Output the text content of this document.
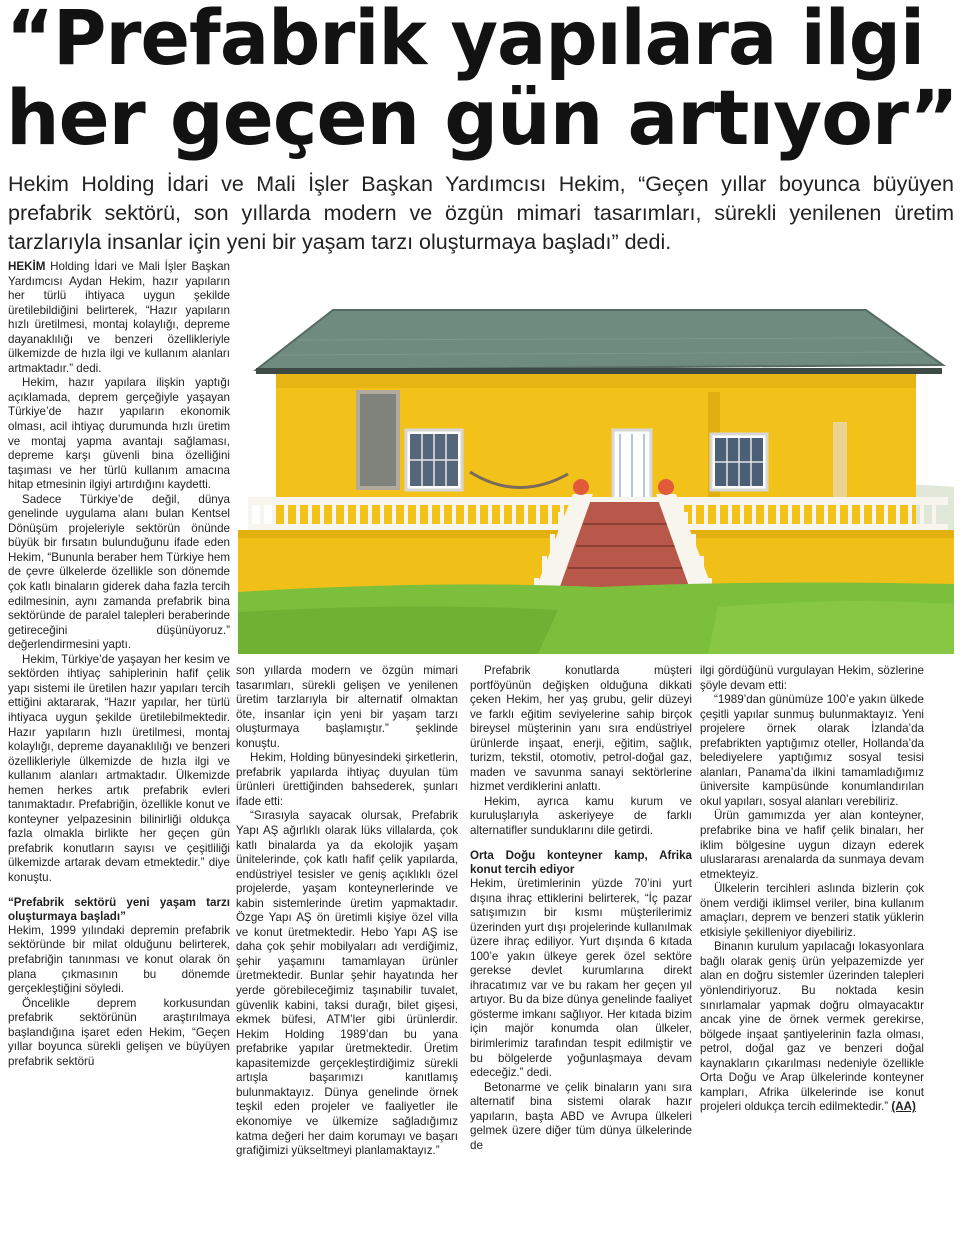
“Prefabrik yapılara ilgi
her geçen gün artıyor”
Hekim Holding İdari ve Mali İşler Başkan Yardımcısı Hekim, “Geçen yıllar boyunca büyüyen prefabrik sektörü, son yıllarda modern ve özgün mimari tasarımları, sürekli yenilenen üretim tarzlarıyla insanlar için yeni bir yaşam tarzı oluşturmaya başladı” dedi.

HEKİM Holding İdari ve Mali İşler Başkan Yardımcısı Aydan Hekim, hazır yapıların her türlü ihtiyaca uygun şekilde üretilebildiğini belirterek, “Hazır yapıların hızlı üretilmesi, montaj kolaylığı, depreme dayanaklılığı ve benzeri özellikleriyle ülkemizde de hızla ilgi ve kullanım alanları artmaktadır.” dedi.

Hekim, hazır yapılara ilişkin yaptığı açıklamada, deprem gerçeğiyle yaşayan Türkiye’de hazır yapıların ekonomik olması, acil ihtiyaç durumunda hızlı üretim ve montaj yapma avantajı sağlaması, depreme karşı güvenli bina özelliğini taşıması ve her türlü kullanım amacına hitap etmesinin ilgiyi artırdığını kaydetti.

Sadece Türkiye’de değil, dünya genelinde uygulama alanı bulan Kentsel Dönüşüm projeleriyle sektörün önünde büyük bir fırsatın bulunduğunu ifade eden Hekim, “Bununla beraber hem Türkiye hem de çevre ülkelerde özellikle son dönemde çok katlı binaların giderek daha fazla tercih edilmesinin, aynı zamanda prefabrik bina sektöründe de paralel talepleri beraberinde getireceğini düşünüyoruz.” değerlendirmesini yaptı.

Hekim, Türkiye’de yaşayan her kesim ve sektörden ihtiyaç sahiplerinin hafif çelik yapı sistemi ile üretilen hazır yapıları tercih ettiğini aktararak, “Hazır yapılar, her türlü ihtiyaca uygun şekilde üretilebilmektedir. Hazır yapıların hızlı üretilmesi, montaj kolaylığı, depreme dayanaklılığı ve benzeri özellikleriyle ülkemizde de hızla ilgi ve kullanım alanları artmaktadır. Ülkemizde hemen herkes artık prefabrik evleri tanımaktadır. Prefabriğin, özellikle konut ve konteyner yelpazesinin bilinirliği oldukça fazla olmakla birlikte her geçen gün prefabrik konutların sayısı ve çeşitliliği ülkemizde artarak devam etmektedir.” diye konuştu.

“Prefabrik sektörü yeni yaşam tarzı oluşturmaya başladı”

Hekim, 1999 yılındaki depremin prefabrik sektöründe bir milat olduğunu belirterek, prefabriğin tanınması ve konut olarak ön plana çıkmasının bu dönemde gerçekleştiğini söyledi.

Öncelikle deprem korkusundan prefabrik sektörünün araştırılmaya başlandığına işaret eden Hekim, “Geçen yıllar boyunca sürekli gelişen ve büyüyen prefabrik sektörü

son yıllarda modern ve özgün mimari tasarımları, sürekli gelişen ve yenilenen üretim tarzlarıyla bir alternatif olmaktan öte, insanlar için yeni bir yaşam tarzı oluşturmaya başlamıştır.” şeklinde konuştu.

Hekim, Holding bünyesindeki şirketlerin, prefabrik yapılarda ihtiyaç duyulan tüm ürünleri ürettiğinden bahsederek, şunları ifade etti:

“Sırasıyla sayacak olursak, Prefabrik Yapı AŞ ağırlıklı olarak lüks villalarda, çok katlı binalarda ya da ekolojik yaşam ünitelerinde, çok katlı hafif çelik yapılarda, endüstriyel tesisler ve geniş açıklıklı özel projelerde, yaşam konteynerlerinde ve kabin sistemlerinde üretim yapmaktadır. Özge Yapı AŞ ön üretimli kişiye özel villa ve konut üretmektedir. Hebo Yapı AŞ ise daha çok şehir mobilyaları adı verdiğimiz, şehir yaşamını tamamlayan ürünler üretmektedir. Bunlar şehir hayatında her yerde görebileceğimiz taşınabilir tuvalet, güvenlik kabini, taksi durağı, bilet gişesi, ekmek büfesi, ATM’ler gibi ürünlerdir. Hekim Holding 1989’dan bu yana prefabrike yapılar üretmektedir. Üretim kapasitemizde gerçekleştirdiğimiz sürekli artışla başarımızı kanıtlamış bulunmaktayız. Dünya genelinde örnek teşkil eden projeler ve faaliyetler ile ekonomiye ve ülkemize sağladığımız katma değeri her daim korumayı ve başarı grafiğimizi yükseltmeyi planlamaktayız.”

Prefabrik konutlarda müşteri portföyünün değişken olduğuna dikkati çeken Hekim, her yaş grubu, gelir düzeyi ve farklı eğitim seviyelerine sahip birçok bireysel müşterinin yanı sıra endüstriyel ürünlerde inşaat, enerji, eğitim, sağlık, turizm, tekstil, otomotiv, petrol-doğal gaz, maden ve savunma sanayi sektörlerine hizmet verdiklerini anlattı.

Hekim, ayrıca kamu kurum ve kuruluşlarıyla askeriyeye de farklı alternatifler sunduklarını dile getirdi.

Orta Doğu konteyner kamp, Afrika konut tercih ediyor

Hekim, üretimlerinin yüzde 70’ini yurt dışına ihraç ettiklerini belirterek, “İç pazar satışımızın bir kısmı müşterilerimiz üzerinden yurt dışı projelerinde kullanılmak üzere ihraç ediliyor. Yurt dışında 6 kıtada 100’e yakın ülkeye gerek özel sektöre gerekse devlet kurumlarına direkt ihracatımız var ve bu rakam her geçen yıl artıyor. Bu da bize dünya genelinde faaliyet gösterme imkanı sağlıyor. Her kıtada bizim için majör konumda olan ülkeler, birimlerimiz tarafından tespit edilmiştir ve bu bölgelerde yoğunlaşmaya devam edeceğiz.” dedi.

Betonarme ve çelik binaların yanı sıra alternatif bina sistemi olarak hazır yapıların, başta ABD ve Avrupa ülkeleri gelmek üzere diğer tüm dünya ülkelerinde de

ilgi gördüğünü vurgulayan Hekim, sözlerine şöyle devam etti:

“1989’dan günümüze 100’e yakın ülkede çeşitli yapılar sunmuş bulunmaktayız. Yeni projelere örnek olarak İzlanda’da prefabrikten yaptığımız oteller, Hollanda’da belediyelere yaptığımız sosyal tesisi alanları, Panama’da ilkini tamamladığımız üniversite kampüsünde konumlandırılan okul yapıları, sosyal alanları verebiliriz.

Ürün gamımızda yer alan konteyner, prefabrike bina ve hafif çelik binaları, her iklim bölgesine uygun dizayn ederek uluslararası arenalarda da sunmaya devam etmekteyiz.

Ülkelerin tercihleri aslında bizlerin çok önem verdiği iklimsel veriler, bina kullanım amaçları, deprem ve benzeri statik yüklerin etkisiyle şekilleniyor diyebiliriz.

Binanın kurulum yapılacağı lokasyonlara bağlı olarak geniş ürün yelpazemizde yer alan en doğru sistemler üzerinden talepleri yönlendiriyoruz. Bu noktada kesin sınırlamalar yapmak doğru olmayacaktır ancak yine de örnek vermek gerekirse, bölgede inşaat şantiyelerinin fazla olması, petrol, doğal gaz ve benzeri doğal kaynakların çıkarılması nedeniyle özellikle Orta Doğu ve Arap ülkelerinde konteyner kampları, Afrika ülkelerinde ise konut projeleri oldukça tercih edilmektedir.” (AA)
